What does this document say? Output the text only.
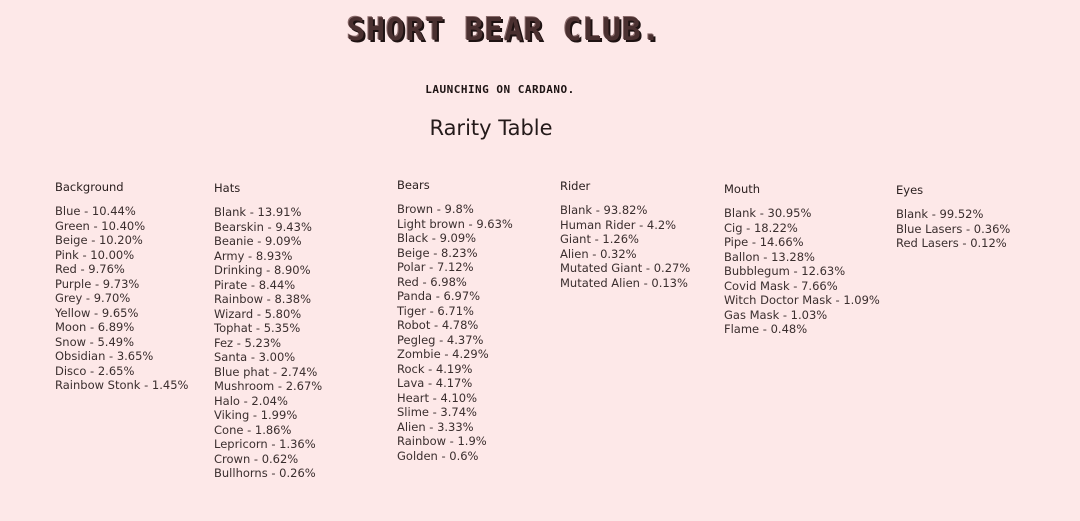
SHORT BEAR CLUB.
LAUNCHING ON CARDANO.
Rarity Table
Background
Blue - 10.44%
Green - 10.40%
Beige - 10.20%
Pink - 10.00%
Red - 9.76%
Purple - 9.73%
Grey - 9.70%
Yellow - 9.65%
Moon - 6.89%
Snow - 5.49%
Obsidian - 3.65%
Disco - 2.65%
Rainbow Stonk - 1.45%
Hats
Blank - 13.91%
Bearskin - 9.43%
Beanie - 9.09%
Army - 8.93%
Drinking - 8.90%
Pirate - 8.44%
Rainbow - 8.38%
Wizard - 5.80%
Tophat - 5.35%
Fez - 5.23%
Santa - 3.00%
Blue phat - 2.74%
Mushroom - 2.67%
Halo - 2.04%
Viking - 1.99%
Cone - 1.86%
Lepricorn - 1.36%
Crown - 0.62%
Bullhorns - 0.26%
Bears
Brown - 9.8%
Light brown - 9.63%
Black - 9.09%
Beige - 8.23%
Polar - 7.12%
Red - 6.98%
Panda - 6.97%
Tiger - 6.71%
Robot - 4.78%
Pegleg - 4.37%
Zombie - 4.29%
Rock - 4.19%
Lava - 4.17%
Heart - 4.10%
Slime - 3.74%
Alien - 3.33%
Rainbow - 1.9%
Golden - 0.6%
Rider
Blank - 93.82%
Human Rider - 4.2%
Giant - 1.26%
Alien - 0.32%
Mutated Giant - 0.27%
Mutated Alien - 0.13%
Mouth
Blank - 30.95%
Cig - 18.22%
Pipe - 14.66%
Ballon - 13.28%
Bubblegum - 12.63%
Covid Mask - 7.66%
Witch Doctor Mask - 1.09%
Gas Mask - 1.03%
Flame - 0.48%
Eyes
Blank - 99.52%
Blue Lasers - 0.36%
Red Lasers - 0.12%
